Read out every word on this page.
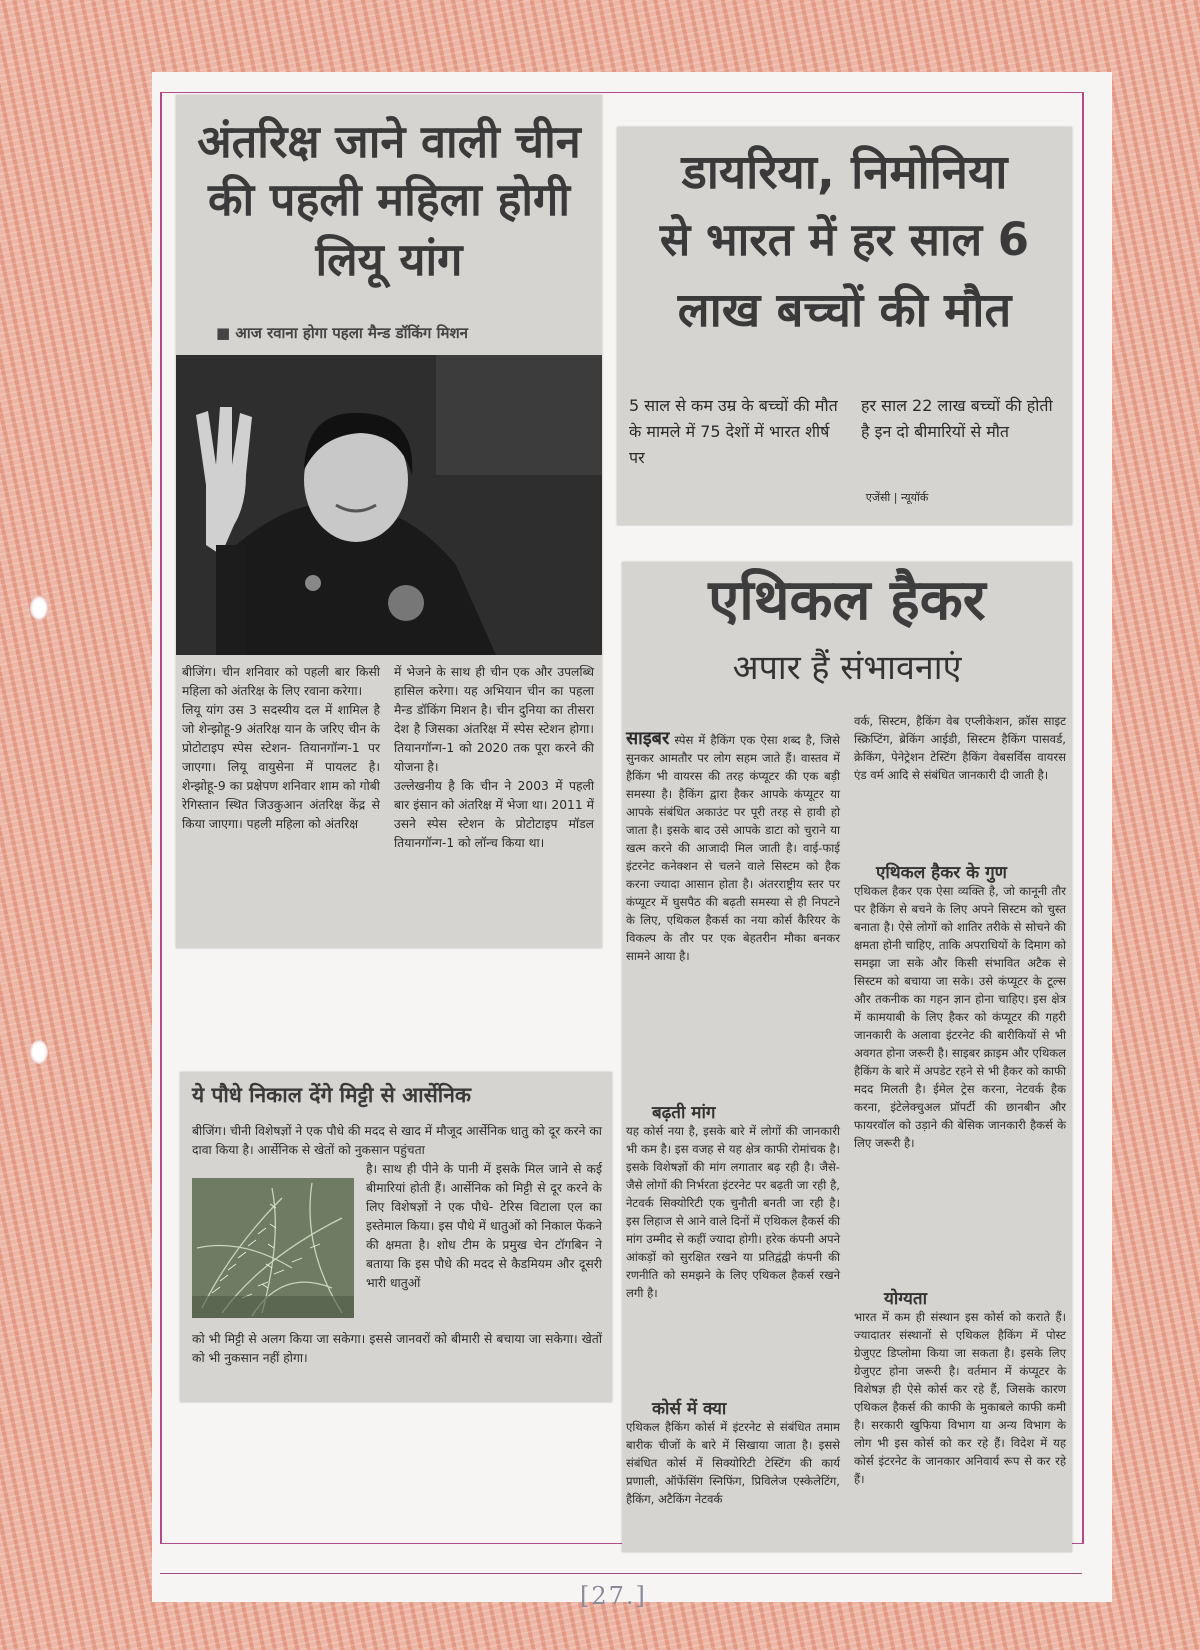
अंतरिक्ष जाने वाली चीन
की पहली महिला होगी
लियू यांग
■ आज रवाना होगा पहला मैन्ड डॉकिंग मिशन
बीजिंग। चीन शनिवार को पहली बार किसी महिला को अंतरिक्ष के लिए रवाना करेगा।
लियू यांग उस 3 सदस्यीय दल में शामिल है जो शेन्झोहू-9 अंतरिक्ष यान के जरिए चीन के प्रोटोटाइप स्पेस स्टेशन- तियानगॉन्ग-1 पर जाएगा। लियू वायुसेना में पायलट है। शेन्झोहू-9 का प्रक्षेपण शनिवार शाम को गोबी रेगिस्तान स्थित जिउकुआन अंतरिक्ष केंद्र से किया जाएगा। पहली महिला को अंतरिक्ष
में भेजने के साथ ही चीन एक और उपलब्धि हासिल करेगा। यह अभियान चीन का पहला मैन्ड डॉकिंग मिशन है। चीन दुनिया का तीसरा देश है जिसका अंतरिक्ष में स्पेस स्टेशन होगा। तियानगॉन्ग-1 को 2020 तक पूरा करने की योजना है।
उल्लेखनीय है कि चीन ने 2003 में पहली बार इंसान को अंतरिक्ष में भेजा था। 2011 में उसने स्पेस स्टेशन के प्रोटोटाइप मॉडल तियानगॉन्ग-1 को लॉन्च किया था।
डायरिया, निमोनिया
से भारत में हर साल 6
लाख बच्चों की मौत
5 साल से कम उम्र के बच्चों की मौत के मामले में 75 देशों में भारत शीर्ष पर
हर साल 22 लाख बच्चों की होती है इन दो बीमारियों से मौत
एजेंसी | न्यूयॉर्क
एथिकल हैकर
अपार हैं संभावनाएं

साइबर स्पेस में हैकिंग एक ऐसा शब्द है, जिसे सुनकर आमतौर पर लोग सहम जाते हैं। वास्तव में हैकिंग भी वायरस की तरह कंप्यूटर की एक बड़ी समस्या है। हैकिंग द्वारा हैकर आपके कंप्यूटर या आपके संबंधित अकाउंट पर पूरी तरह से हावी हो जाता है। इसके बाद उसे आपके डाटा को चुराने या खत्म करने की आजादी मिल जाती है। वाई-फाई इंटरनेट कनेक्शन से चलने वाले सिस्टम को हैक करना ज्यादा आसान होता है। अंतरराष्ट्रीय स्तर पर कंप्यूटर में घुसपैठ की बढ़ती समस्या से ही निपटने के लिए, एथिकल हैकर्स का नया कोर्स कैरियर के विकल्प के तौर पर एक बेहतरीन मौका बनकर सामने आया है।

बढ़ती मांग
यह कोर्स नया है, इसके बारे में लोगों की जानकारी भी कम है। इस वजह से यह क्षेत्र काफी रोमांचक है। इसके विशेषज्ञों की मांग लगातार बढ़ रही है। जैसे-जैसे लोगों की निर्भरता इंटरनेट पर बढ़ती जा रही है, नेटवर्क सिक्योरिटी एक चुनौती बनती जा रही है। इस लिहाज से आने वाले दिनों में एथिकल हैकर्स की मांग उम्मीद से कहीं ज्यादा होगी। हरेक कंपनी अपने आंकड़ों को सुरक्षित रखने या प्रतिद्वंद्वी कंपनी की रणनीति को समझने के लिए एथिकल हैकर्स रखने लगी है।
कोर्स में क्या
एथिकल हैकिंग कोर्स में इंटरनेट से संबंधित तमाम बारीक चीजों के बारे में सिखाया जाता है। इससे संबंधित कोर्स में सिक्योरिटी टेस्टिंग की कार्य प्रणाली, ऑफेंसिंग स्निफिंग, प्रिविलेज एस्केलेटिंग, हैकिंग, अटैकिंग नेटवर्क
वर्क, सिस्टम, हैकिंग वेब एप्लीकेशन, क्रॉस साइट स्क्रिप्टिंग, ब्रेकिंग आईडी, सिस्टम हैकिंग पासवर्ड, क्रेकिंग, पेनेट्रेशन टेस्टिंग हैकिंग वेबसर्विस वायरस एंड वर्म आदि से संबंधित जानकारी दी जाती है।
एथिकल हैकर के गुण
एथिकल हैकर एक ऐसा व्यक्ति है, जो कानूनी तौर पर हैकिंग से बचने के लिए अपने सिस्टम को चुस्त बनाता है। ऐसे लोगों को शातिर तरीके से सोचने की क्षमता होनी चाहिए, ताकि अपराधियों के दिमाग को समझा जा सके और किसी संभावित अटैक से सिस्टम को बचाया जा सके। उसे कंप्यूटर के टूल्स और तकनीक का गहन ज्ञान होना चाहिए। इस क्षेत्र में कामयाबी के लिए हैकर को कंप्यूटर की गहरी जानकारी के अलावा इंटरनेट की बारीकियों से भी अवगत होना जरूरी है। साइबर क्राइम और एथिकल हैकिंग के बारे में अपडेट रहने से भी हैकर को काफी मदद मिलती है। ईमेल ट्रेस करना, नेटवर्क हैक करना, इंटेलेक्चुअल प्रॉपर्टी की छानबीन और फायरवॉल को उड़ाने की बेसिक जानकारी हैकर्स के लिए जरूरी है।
योग्यता
भारत में कम ही संस्थान इस कोर्स को कराते हैं। ज्यादातर संस्थानों से एथिकल हैकिंग में पोस्ट ग्रेजुएट डिप्लोमा किया जा सकता है। इसके लिए ग्रेजुएट होना जरूरी है। वर्तमान में कंप्यूटर के विशेषज्ञ ही ऐसे कोर्स कर रहे हैं, जिसके कारण एथिकल हैकर्स की काफी के मुकाबले काफी कमी है। सरकारी खुफिया विभाग या अन्य विभाग के लोग भी इस कोर्स को कर रहे हैं। विदेश में यह कोर्स इंटरनेट के जानकार अनिवार्य रूप से कर रहे हैं।
ये पौधे निकाल देंगे मिट्टी से आर्सेनिक
बीजिंग। चीनी विशेषज्ञों ने एक पौधे की मदद से खाद में मौजूद आर्सेनिक धातु को दूर करने का दावा किया है। आर्सेनिक से खेतों को नुकसान पहुंचता
है। साथ ही पीने के पानी में इसके मिल जाने से कई बीमारियां होती हैं। आर्सेनिक को मिट्टी से दूर करने के लिए विशेषज्ञों ने एक पौधे- टेरिस विटाला एल का इस्तेमाल किया। इस पौधे में धातुओं को निकाल फेंकने की क्षमता है। शोध टीम के प्रमुख चेन टॉगबिन ने बताया कि इस पौधे की मदद से कैडमियम और दूसरी भारी धातुओं
को भी मिट्टी से अलग किया जा सकेगा। इससे जानवरों को बीमारी से बचाया जा सकेगा। खेतों को भी नुकसान नहीं होगा।
[27.]
